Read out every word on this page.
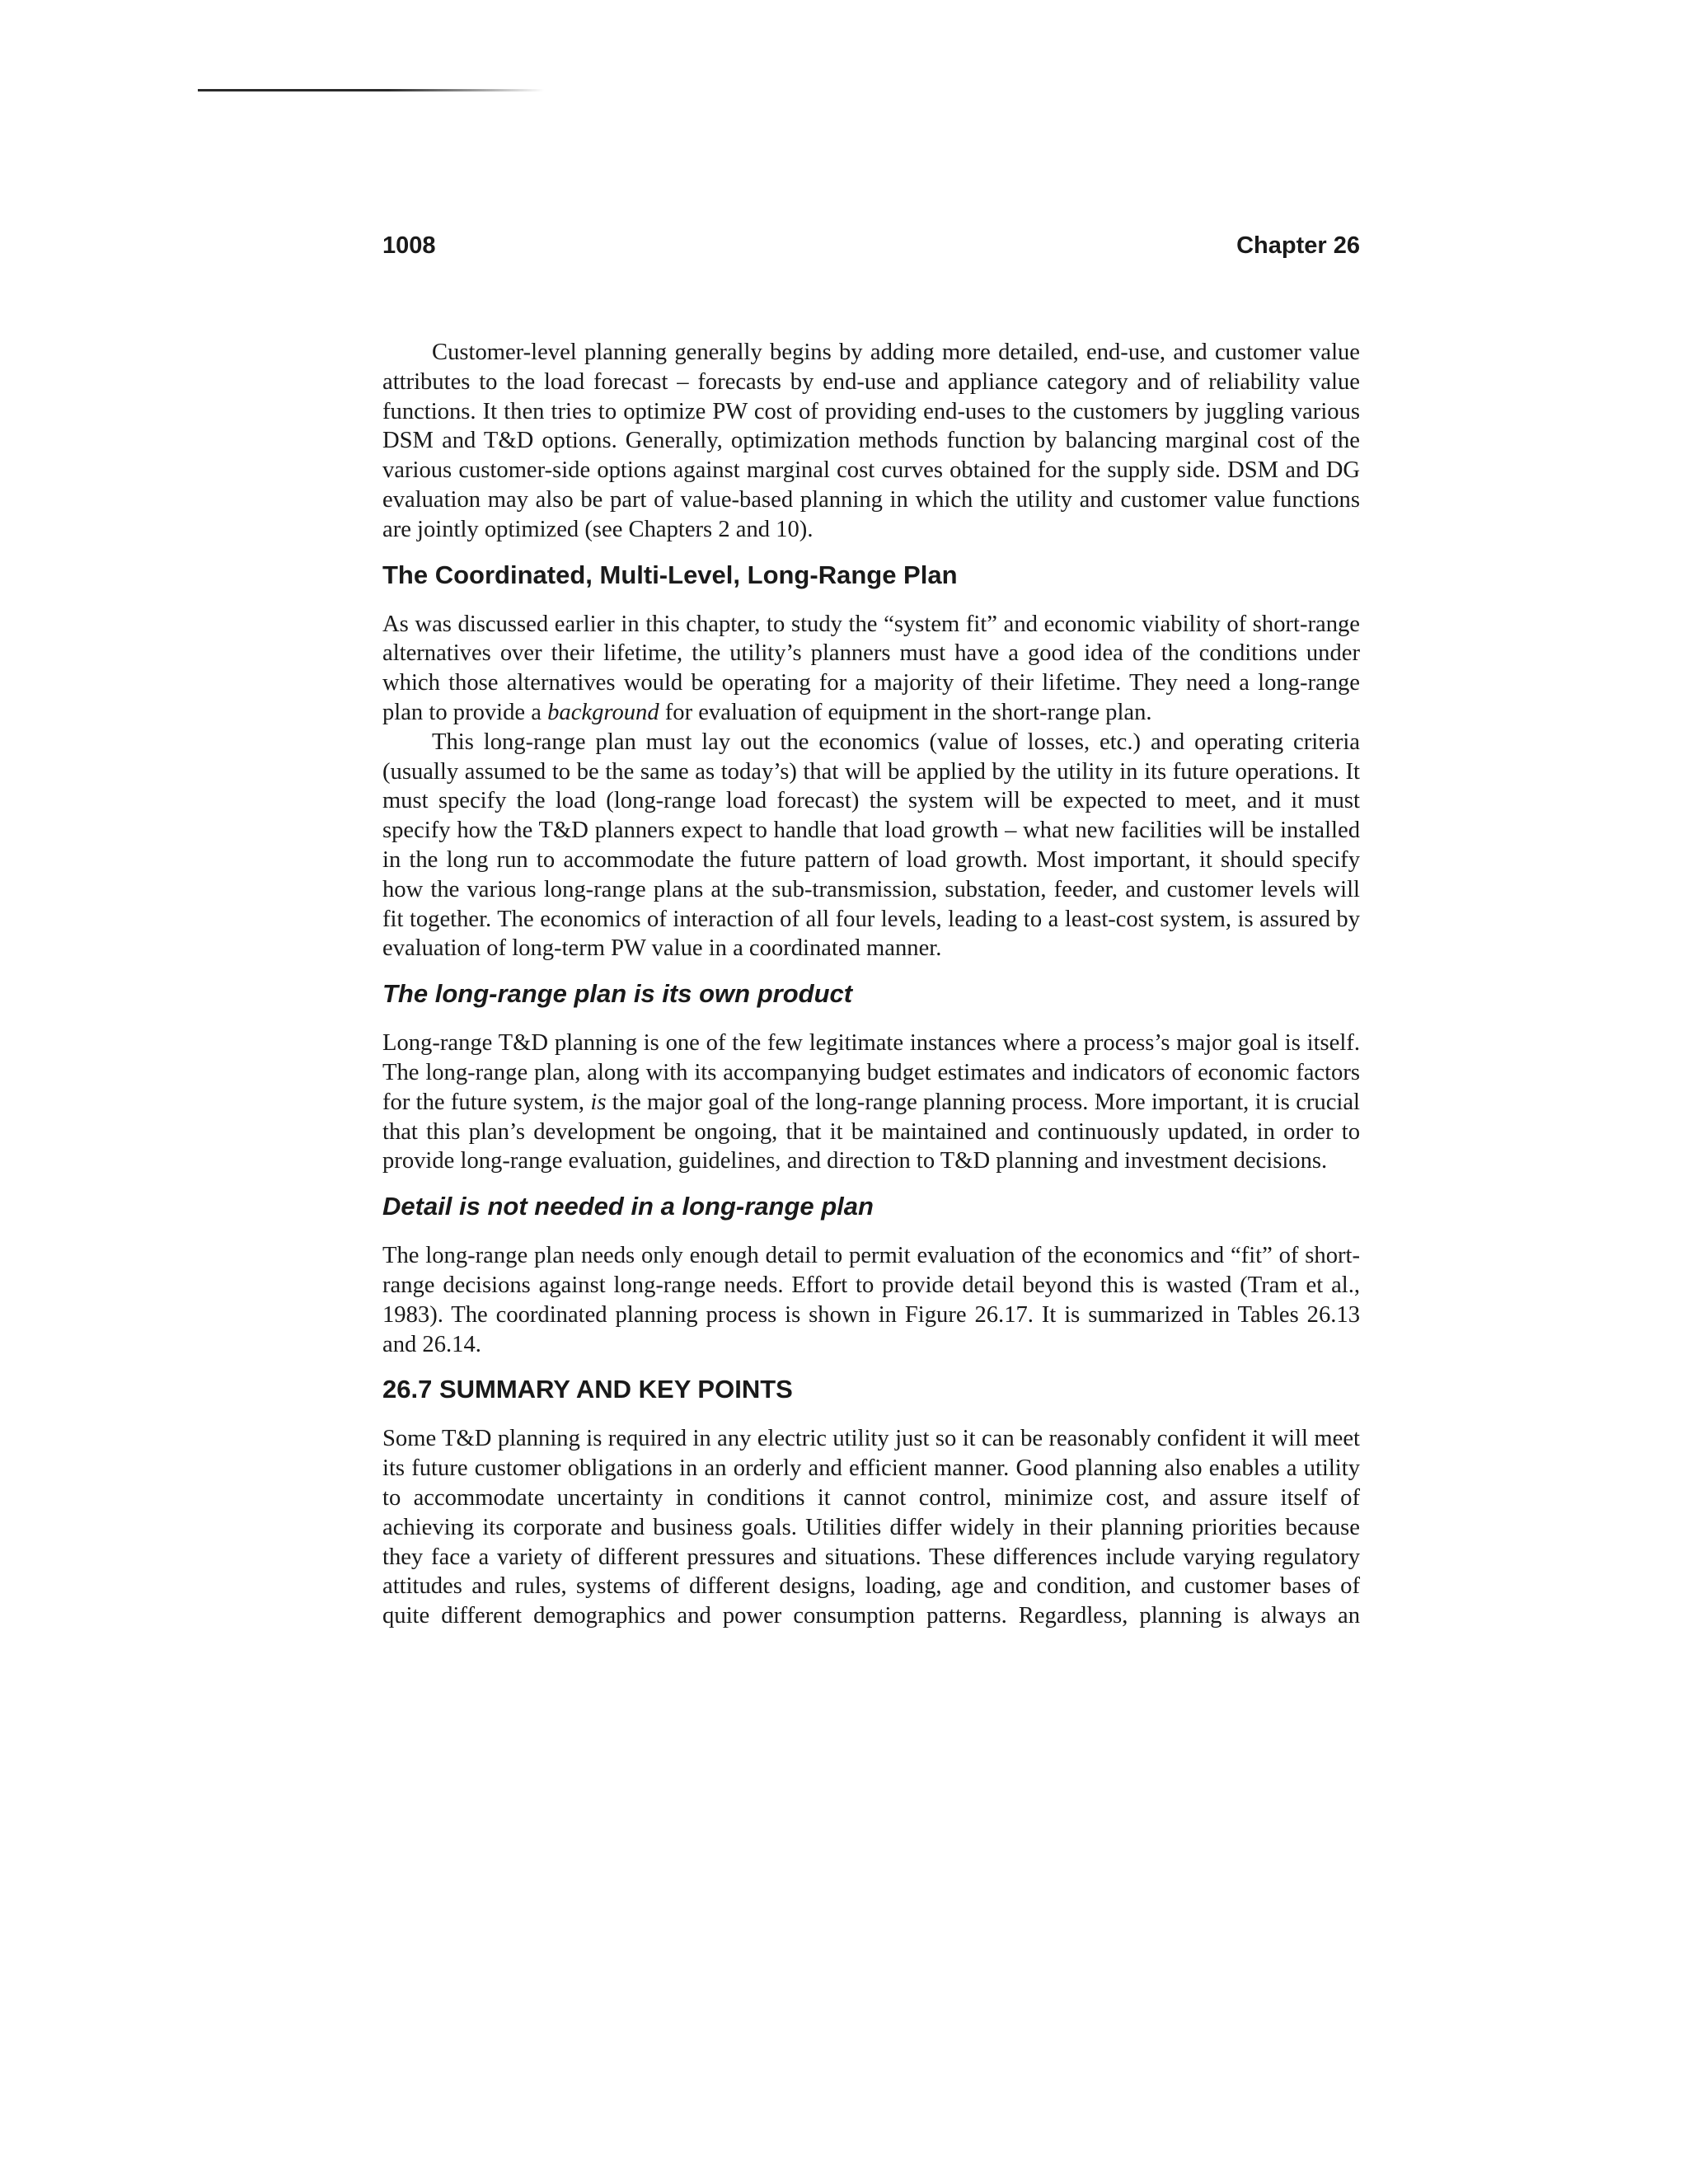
1008	Chapter 26

Customer-level planning generally begins by adding more detailed, end-use, and customer value attributes to the load forecast – forecasts by end-use and appliance category and of reliability value functions. It then tries to optimize PW cost of providing end-uses to the customers by juggling various DSM and T&D options. Generally, optimization methods function by balancing marginal cost of the various customer-side options against marginal cost curves obtained for the supply side. DSM and DG evaluation may also be part of value-based planning in which the utility and customer value functions are jointly optimized (see Chapters 2 and 10).

The Coordinated, Multi-Level, Long-Range Plan

As was discussed earlier in this chapter, to study the “system fit” and economic viability of short-range alternatives over their lifetime, the utility’s planners must have a good idea of the conditions under which those alternatives would be operating for a majority of their lifetime. They need a long-range plan to provide a background for evaluation of equipment in the short-range plan.

This long-range plan must lay out the economics (value of losses, etc.) and operating criteria (usually assumed to be the same as today’s) that will be applied by the utility in its future operations. It must specify the load (long-range load forecast) the system will be expected to meet, and it must specify how the T&D planners expect to handle that load growth – what new facilities will be installed in the long run to accommodate the future pattern of load growth. Most important, it should specify how the various long-range plans at the sub-transmission, substation, feeder, and customer levels will fit together. The economics of interaction of all four levels, leading to a least-cost system, is assured by evaluation of long-term PW value in a coordinated manner.

The long-range plan is its own product

Long-range T&D planning is one of the few legitimate instances where a process’s major goal is itself. The long-range plan, along with its accompanying budget estimates and indicators of economic factors for the future system, is the major goal of the long-range planning process. More important, it is crucial that this plan’s development be ongoing, that it be maintained and continuously updated, in order to provide long-range evaluation, guidelines, and direction to T&D planning and investment decisions.

Detail is not needed in a long-range plan

The long-range plan needs only enough detail to permit evaluation of the economics and “fit” of short-range decisions against long-range needs. Effort to provide detail beyond this is wasted (Tram et al., 1983). The coordinated planning process is shown in Figure 26.17. It is summarized in Tables 26.13 and 26.14.

26.7 SUMMARY AND KEY POINTS

Some T&D planning is required in any electric utility just so it can be reasonably confident it will meet its future customer obligations in an orderly and efficient manner. Good planning also enables a utility to accommodate uncertainty in conditions it cannot control, minimize cost, and assure itself of achieving its corporate and business goals. Utilities differ widely in their planning priorities because they face a variety of different pressures and situations. These differences include varying regulatory attitudes and rules, systems of different designs, loading, age and condition, and customer bases of quite different demographics and power consumption patterns. Regardless, planning is always an
